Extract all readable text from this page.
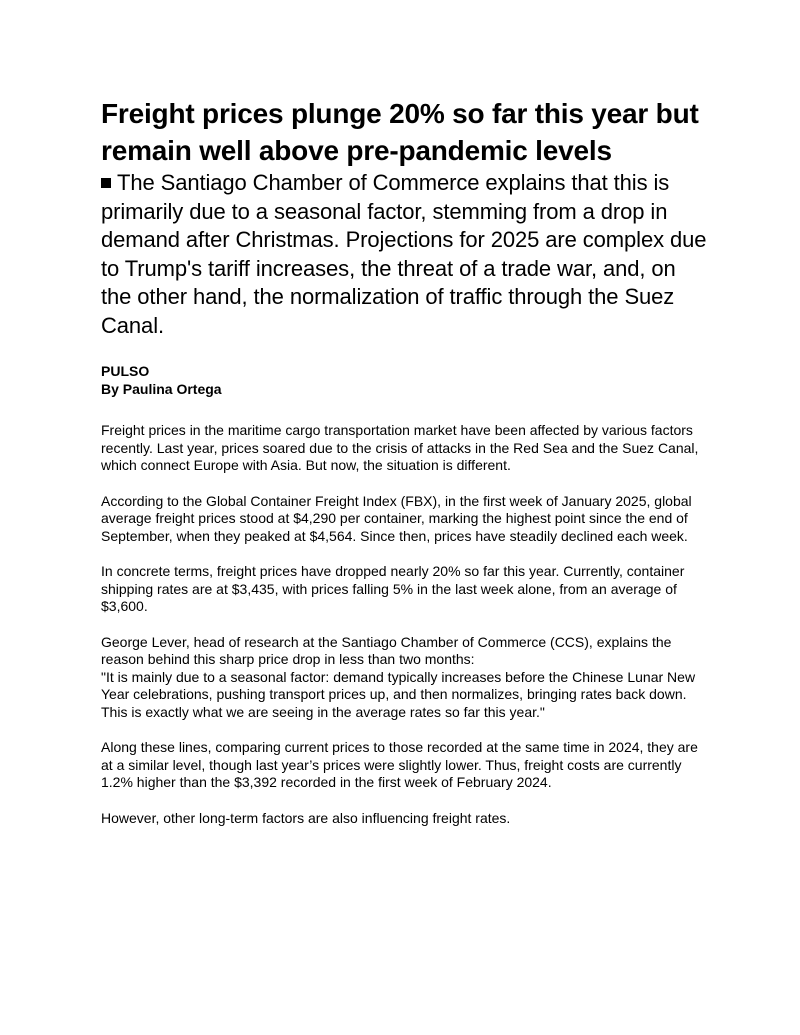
Freight prices plunge 20% so far this year but remain well above pre-pandemic levels

The Santiago Chamber of Commerce explains that this is primarily due to a seasonal factor, stemming from a drop in demand after Christmas. Projections for 2025 are complex due to Trump's tariff increases, the threat of a trade war, and, on the other hand, the normalization of traffic through the Suez Canal.

PULSO
By Paulina Ortega

Freight prices in the maritime cargo transportation market have been affected by various factors recently. Last year, prices soared due to the crisis of attacks in the Red Sea and the Suez Canal, which connect Europe with Asia. But now, the situation is different.

According to the Global Container Freight Index (FBX), in the first week of January 2025, global average freight prices stood at $4,290 per container, marking the highest point since the end of September, when they peaked at $4,564. Since then, prices have steadily declined each week.

In concrete terms, freight prices have dropped nearly 20% so far this year. Currently, container shipping rates are at $3,435, with prices falling 5% in the last week alone, from an average of $3,600.

George Lever, head of research at the Santiago Chamber of Commerce (CCS), explains the reason behind this sharp price drop in less than two months:
"It is mainly due to a seasonal factor: demand typically increases before the Chinese Lunar New Year celebrations, pushing transport prices up, and then normalizes, bringing rates back down. This is exactly what we are seeing in the average rates so far this year."

Along these lines, comparing current prices to those recorded at the same time in 2024, they are at a similar level, though last year’s prices were slightly lower. Thus, freight costs are currently 1.2% higher than the $3,392 recorded in the first week of February 2024.

However, other long-term factors are also influencing freight rates.
